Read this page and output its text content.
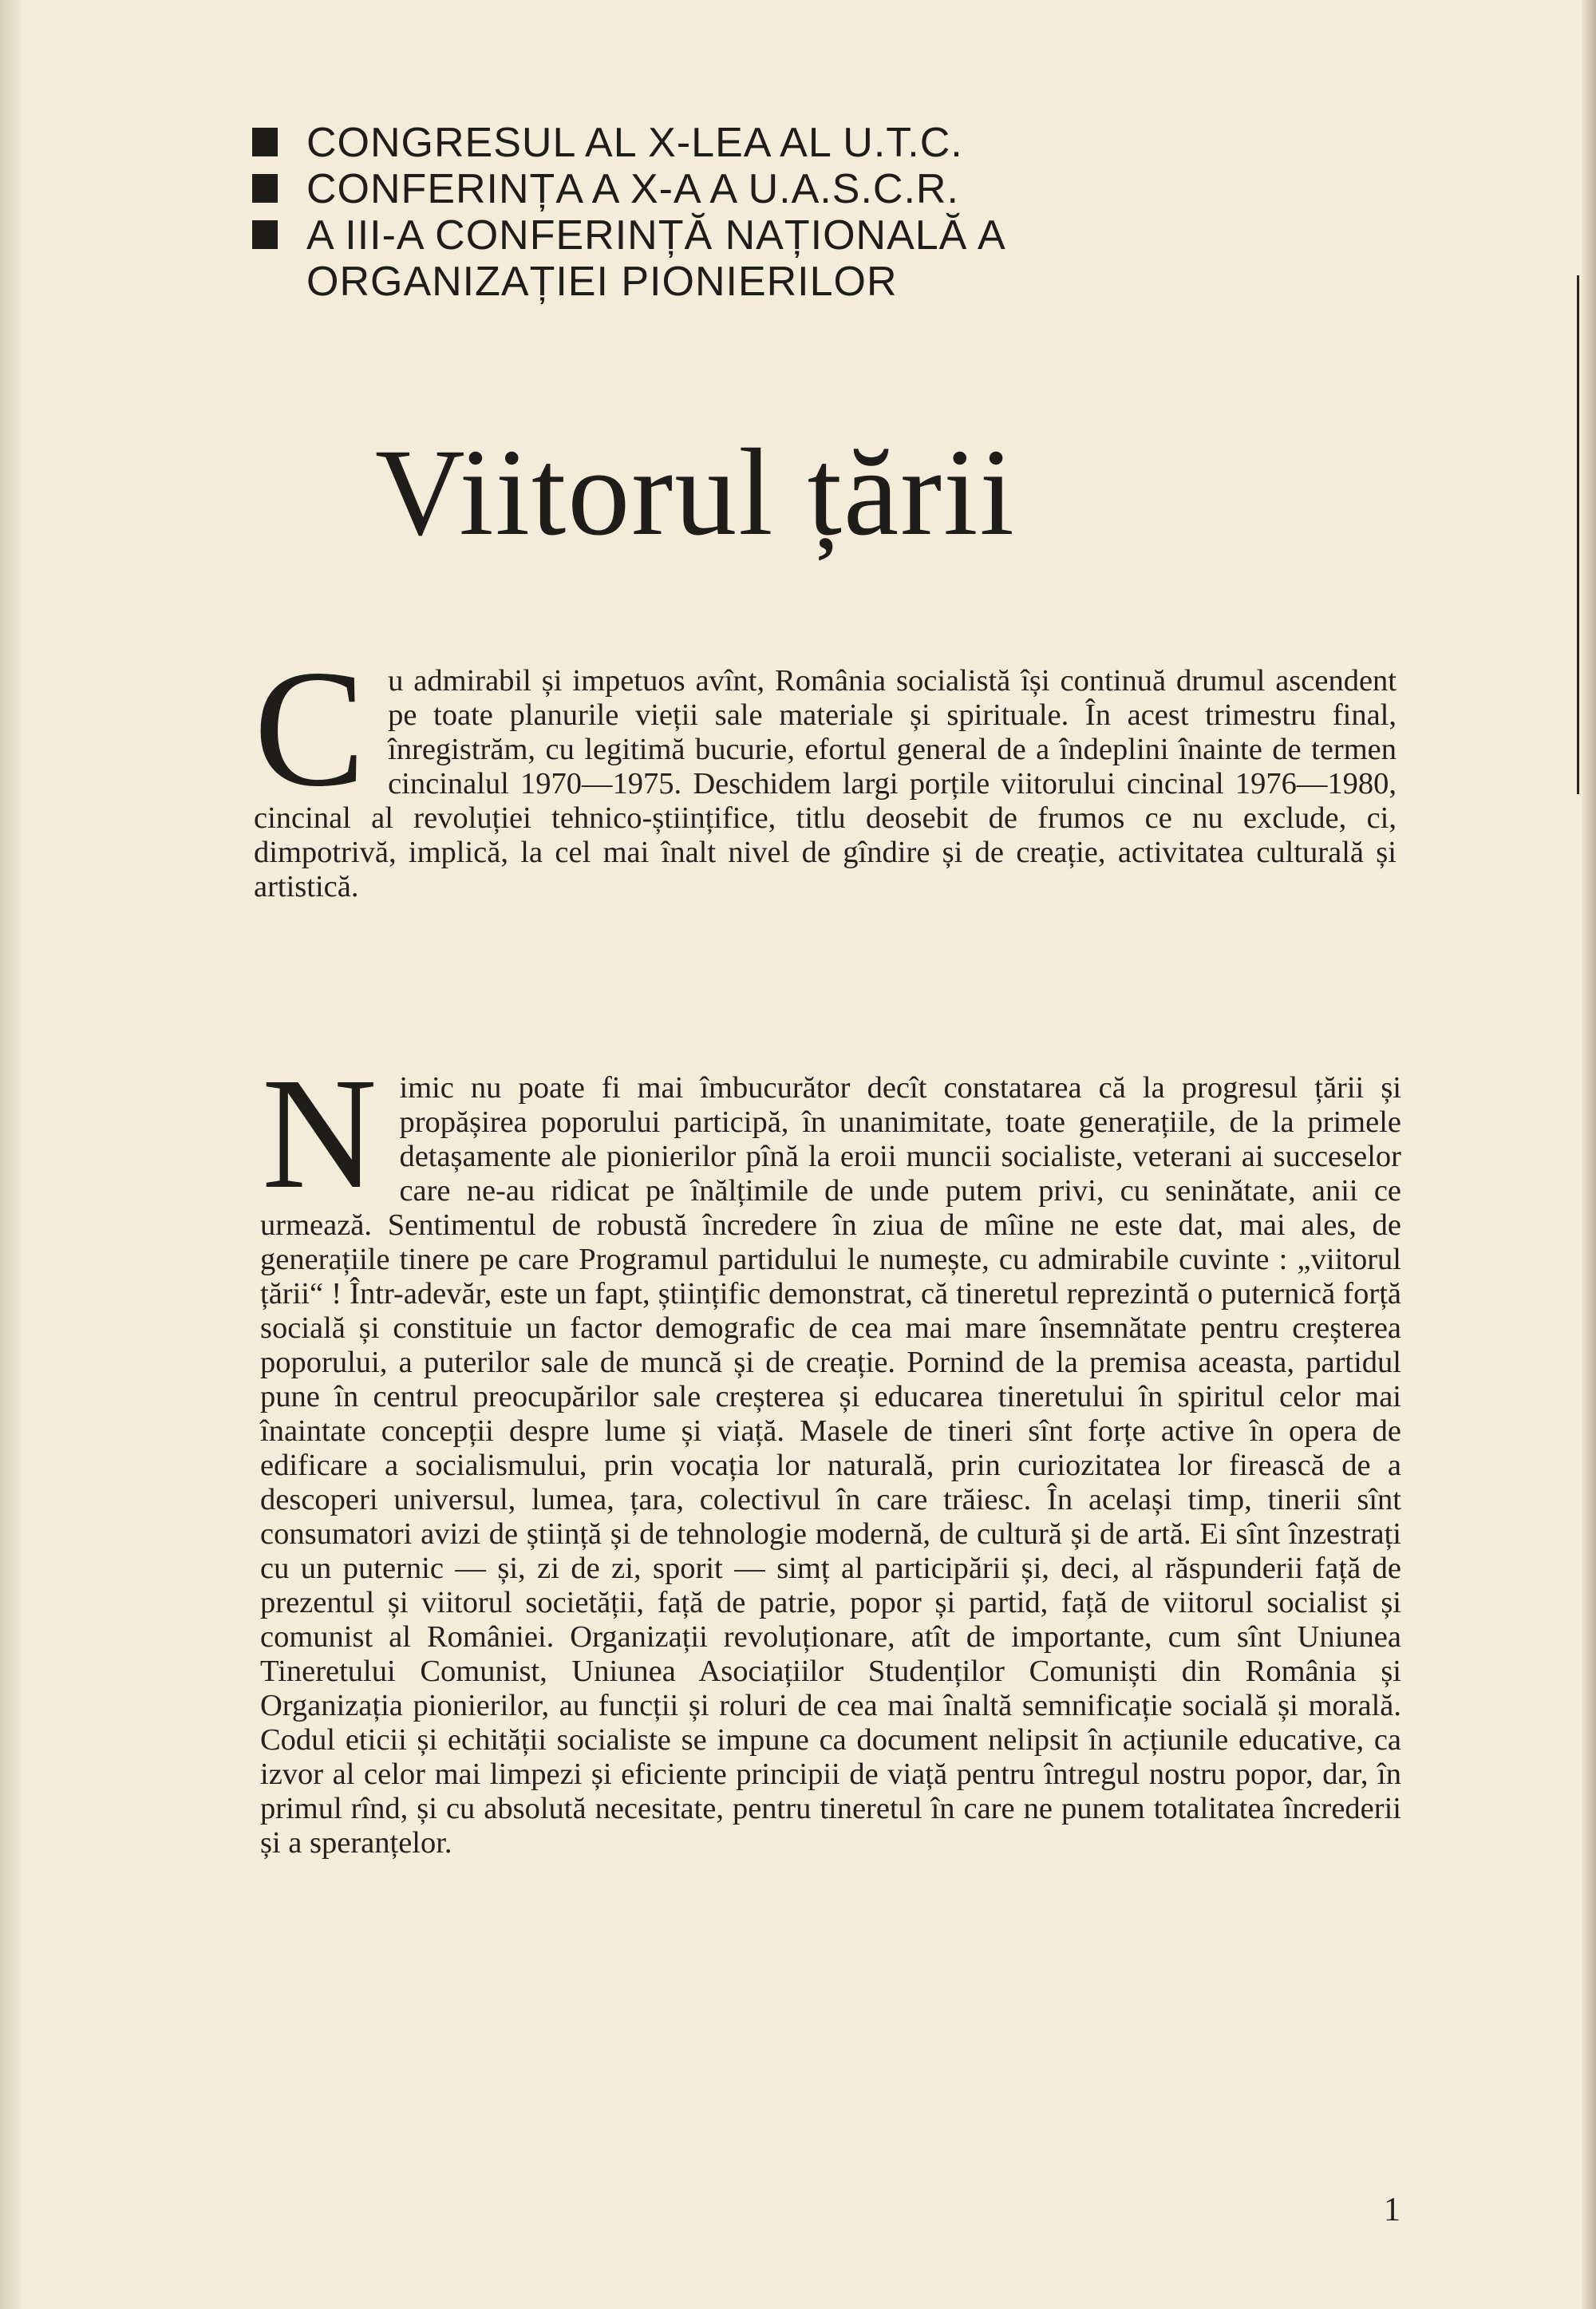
CONGRESUL AL X-LEA AL U.T.C.
CONFERINȚA A X-A A U.A.S.C.R.
A III-A CONFERINȚĂ NAȚIONALĂ A
ORGANIZAȚIEI PIONIERILOR
Viitorul țării
C u admirabil și impetuos avînt, România socialistă își continuă drumul ascendent pe toate planurile vieții sale materiale și spirituale. În acest trimestru final, înregistrăm, cu legitimă bucurie, efortul general de a îndeplini înainte de termen cincinalul 1970—1975. Deschidem largi porțile viitorului cincinal 1976—1980, cincinal al revoluției tehnico-științifice, titlu deosebit de frumos ce nu exclude, ci, dimpotrivă, implică, la cel mai înalt nivel de gîndire și de creație, activitatea culturală și artistică.
N imic nu poate fi mai îmbucurător decît constatarea că la progresul țării și propășirea poporului participă, în unanimitate, toate generațiile, de la primele detașamente ale pionierilor pînă la eroii muncii socialiste, veterani ai succeselor care ne-au ridicat pe înălțimile de unde putem privi, cu seninătate, anii ce urmează. Sentimentul de robustă încredere în ziua de mîine ne este dat, mai ales, de generațiile tinere pe care Programul partidului le numește, cu admirabile cuvinte : „viitorul țării“ ! Într-adevăr, este un fapt, științific demonstrat, că tineretul reprezintă o puternică forță socială și constituie un factor demografic de cea mai mare însemnătate pentru creșterea poporului, a puterilor sale de muncă și de creație. Pornind de la premisa aceasta, partidul pune în centrul preocupărilor sale creșterea și educarea tineretului în spiritul celor mai înaintate concepții despre lume și viață. Masele de tineri sînt forțe active în opera de edificare a socialismului, prin vocația lor naturală, prin curiozitatea lor firească de a descoperi universul, lumea, țara, colectivul în care trăiesc. În același timp, tinerii sînt consumatori avizi de știință și de tehnologie modernă, de cultură și de artă. Ei sînt înzestrați cu un puternic — și, zi de zi, sporit — simț al participării și, deci, al răspunderii față de prezentul și viitorul societății, față de patrie, popor și partid, față de viitorul socialist și comunist al României. Organizații revoluționare, atît de importante, cum sînt Uniunea Tineretului Comunist, Uniunea Asociațiilor Studenților Comuniști din România și Organizația pionierilor, au funcții și roluri de cea mai înaltă semnificație socială și morală. Codul eticii și echității socialiste se impune ca document nelipsit în acțiunile educative, ca izvor al celor mai limpezi și eficiente principii de viață pentru întregul nostru popor, dar, în primul rînd, și cu absolută necesitate, pentru tineretul în care ne punem totalitatea încrederii și a speranțelor.
1
